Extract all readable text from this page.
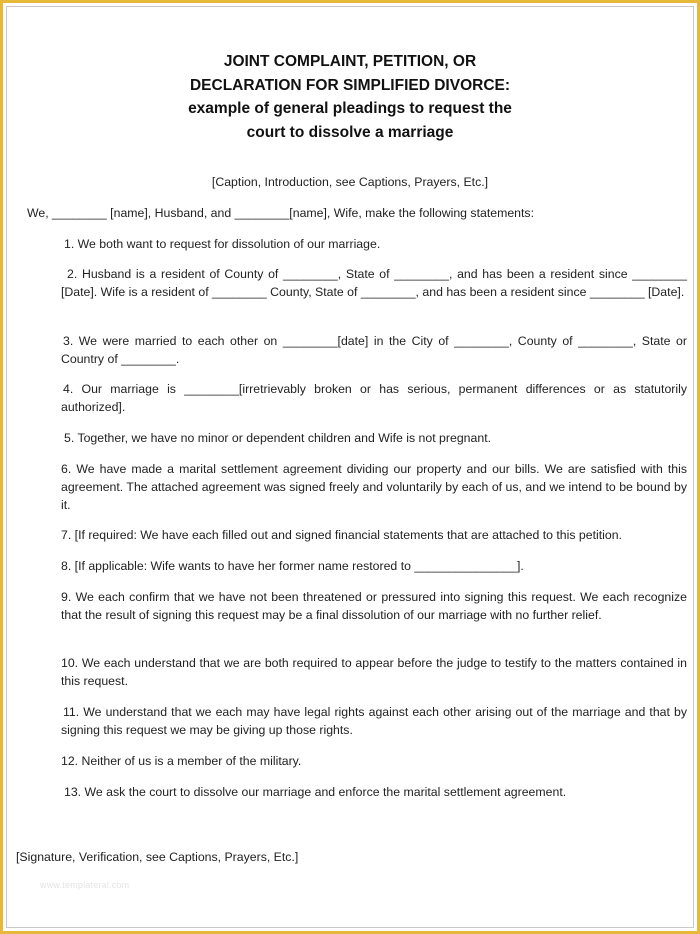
JOINT COMPLAINT, PETITION, OR
DECLARATION FOR SIMPLIFIED DIVORCE:
example of general pleadings to request the
court to dissolve a marriage
[Caption, Introduction, see Captions, Prayers, Etc.]
We, ________ [name], Husband, and ________[name], Wife, make the following statements:
1. We both want to request for dissolution of our marriage.
2. Husband is a resident of County of ________, State of ________, and has been a resident since ________ [Date]. Wife is a resident of ________ County, State of ________, and has been a resident since ________ [Date].
3. We were married to each other on ________[date] in the City of ________, County of ________, State or Country of ________.
4. Our marriage is ________[irretrievably broken or has serious, permanent differences or as statutorily authorized].
5. Together, we have no minor or dependent children and Wife is not pregnant.
6. We have made a marital settlement agreement dividing our property and our bills. We are satisfied with this agreement. The attached agreement was signed freely and voluntarily by each of us, and we intend to be bound by it.
7. [If required: We have each filled out and signed financial statements that are attached to this petition.
8. [If applicable: Wife wants to have her former name restored to _______________].
9. We each confirm that we have not been threatened or pressured into signing this request. We each recognize that the result of signing this request may be a final dissolution of our marriage with no further relief.
10. We each understand that we are both required to appear before the judge to testify to the matters contained in this request.
11. We understand that we each may have legal rights against each other arising out of the marriage and that by signing this request we may be giving up those rights.
12. Neither of us is a member of the military.
13. We ask the court to dissolve our marriage and enforce the marital settlement agreement.
[Signature, Verification, see Captions, Prayers, Etc.]
www.templateral.com
